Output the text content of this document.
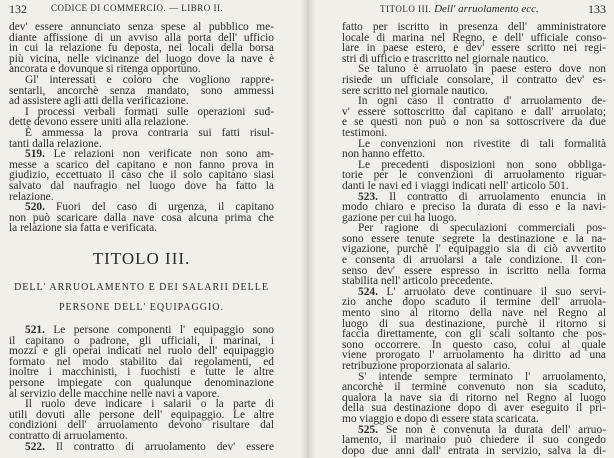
132	CODICE DI COMMERCIO. — LIBRO II.
dev' essere annunciato senza spese al pubblico me-
diante affissione di un avviso alla porta dell' ufficio
in cui la relazione fu deposta, nei locali della borsa
più vicina, nelle vicinanze del luogo dove la nave è
ancorata e dovunque si ritenga opportuno.
Gl' interessati e coloro che vogliono rappre-
sentarli, ancorchè senza mandato, sono ammessi
ad assistere agli atti della verificazione.
I processi verbali formati sulle operazioni sud-
dette devono essere uniti alla relazione.
È ammessa la prova contraria sui fatti risul-
tanti dalla relazione.
519. Le relazioni non verificate non sono am-
messe a scarico del capitano e non fanno prova in
giudizio, eccettuato il caso che il solo capitano siasi
salvato dal naufragio nel luogo dove ha fatto la
relazione.
520. Fuori del caso di urgenza, il capitano
non può scaricare dalla nave cosa alcuna prima che
la relazione sia fatta e verificata.
TITOLO III.
DELL' ARRUOLAMENTO E DEI SALARII DELLE
PERSONE DELL' EQUIPAGGIO.
521. Le persone componenti l' equipaggio sono
il capitano o padrone, gli ufficiali, i marinai, i
mozzi e gli operai indicati nel ruolo dell' equipaggio
formato nel modo stabilito dai regolamenti, ed
inoltre i macchinisti, i fuochisti e tutte le altre
persone impiegate con qualunque denominazione
al servizio delle macchine nelle navi a vapore.
Il ruolo deve indicare i salarii o la parte di
utili dovuti alle persone dell' equipaggio. Le altre
condizioni dell' arruolamento devono risultare dal
contratto di arruolamento.
522. Il contratto di arruolamento dev' essere
TITOLO III. Dell' arruolamento ecc.	133
fatto per iscritto in presenza dell' amministratore
locale di marina nel Regno, e dell' ufficiale conso-
lare in paese estero, e dev' essere scritto nei regi-
stri di ufficio e trascritto nel giornale nautico.
Se taluno è arruolato in paese estero dove non
risiede un ufficiale consolare, il contratto dev' es-
sere scritto nel giornale nautico.
In ogni caso il contratto d' arruolamento de-
v' essere sottoscritto dal capitano e dall' arruolato;
e se questi non può o non sa sottoscrivere da due
testimoni.
Le convenzioni non rivestite di tali formalità
non hanno effetto.
Le precedenti disposizioni non sono obbliga-
torie per le convenzioni di arruolamento riguar-
danti le navi ed i viaggi indicati nell' articolo 501.
523. Il contratto di arruolamento enuncia in
modo chiaro e preciso la durata di esso e la navi-
gazione per cui ha luogo.
Per ragione di speculazioni commerciali pos-
sono essere tenute segrete la destinazione e la na-
vigazione, purchè l' equipaggio sia di ciò avvertito
e consenta di arruolarsi a tale condizione. Il con-
senso dev' essere espresso in iscritto nella forma
stabilita nell' articolo precedente.
524. L' arruolato deve continuare il suo servi-
zio anche dopo scaduto il termine dell' arruola-
mento sino al ritorno della nave nel Regno al
luogo di sua destinazione, purchè il ritorno si
faccia direttamente, con gli scali soltanto che pos-
sono occorrere. In questo caso, colui al quale
viene prorogato l' arruolamento ha diritto ad una
retribuzione proporzionata al salario.
S' intende sempre terminato l' arruolamento,
ancorchè il termine convenuto non sia scaduto,
qualora la nave sia di ritorno nel Regno al luogo
della sua destinazione dopo di aver eseguito il pri-
mo viaggio e dopo di essere stata scaricata.
525. Se non è convenuta la durata dell' arruo-
lamento, il marinaio può chiedere il suo congedo
dopo due anni dall' entrata in servizio, salva la di-
